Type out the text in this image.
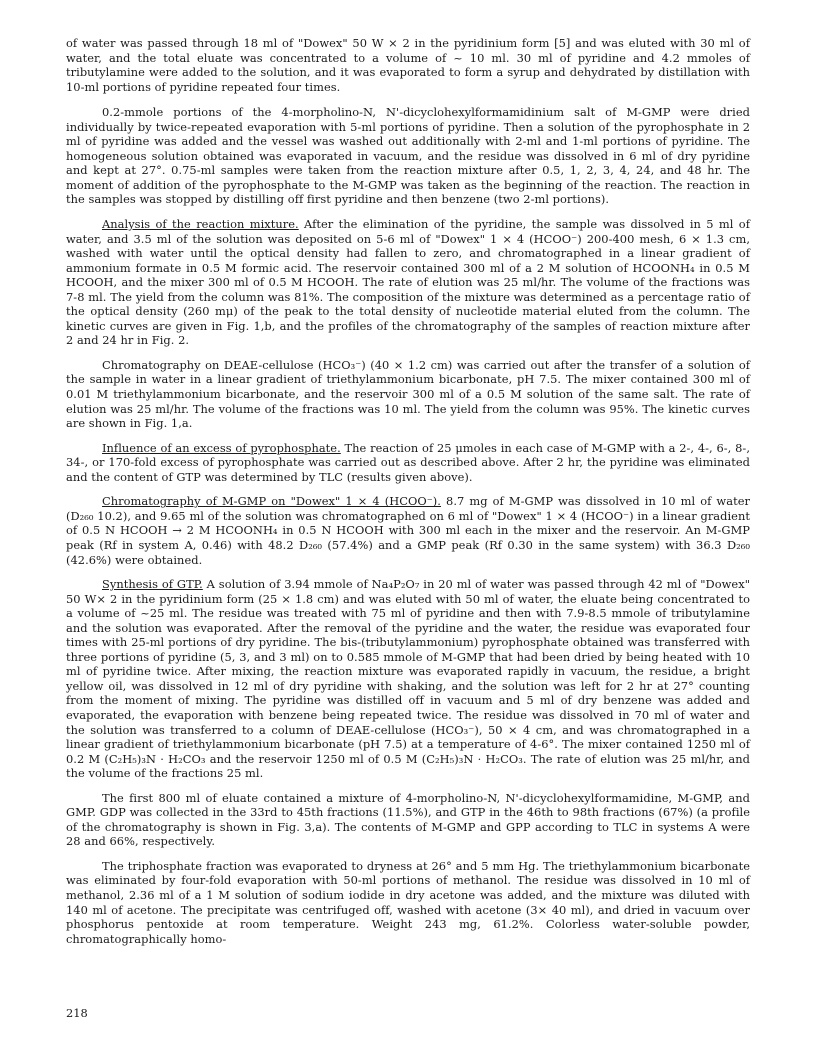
of water was passed through 18 ml of "Dowex" 50 W × 2 in the pyridinium form [5] and was eluted with 30 ml of water, and the total eluate was concentrated to a volume of ~ 10 ml. 30 ml of pyridine and 4.2 mmoles of tributylamine were added to the solution, and it was evaporated to form a syrup and dehydrated by distillation with 10-ml portions of pyridine repeated four times.

0.2-mmole portions of the 4-morpholino-N, N'-dicyclohexylformamidinium salt of M-GMP were dried individually by twice-repeated evaporation with 5-ml portions of pyridine. Then a solution of the pyrophosphate in 2 ml of pyridine was added and the vessel was washed out additionally with 2-ml and 1-ml portions of pyridine. The homogeneous solution obtained was evaporated in vacuum, and the residue was dissolved in 6 ml of dry pyridine and kept at 27°. 0.75-ml samples were taken from the reaction mixture after 0.5, 1, 2, 3, 4, 24, and 48 hr. The moment of addition of the pyrophosphate to the M-GMP was taken as the beginning of the reaction. The reaction in the samples was stopped by distilling off first pyridine and then benzene (two 2-ml portions).

Analysis of the reaction mixture. After the elimination of the pyridine, the sample was dissolved in 5 ml of water, and 3.5 ml of the solution was deposited on 5-6 ml of "Dowex" 1 × 4 (HCOO⁻) 200-400 mesh, 6 × 1.3 cm, washed with water until the optical density had fallen to zero, and chromatographed in a linear gradient of ammonium formate in 0.5 M formic acid. The reservoir contained 300 ml of a 2 M solution of HCOONH₄ in 0.5 M HCOOH, and the mixer 300 ml of 0.5 M HCOOH. The rate of elution was 25 ml/hr. The volume of the fractions was 7-8 ml. The yield from the column was 81%. The composition of the mixture was determined as a percentage ratio of the optical density (260 mμ) of the peak to the total density of nucleotide material eluted from the column. The kinetic curves are given in Fig. 1,b, and the profiles of the chromatography of the samples of reaction mixture after 2 and 24 hr in Fig. 2.

Chromatography on DEAE-cellulose (HCO₃⁻) (40 × 1.2 cm) was carried out after the transfer of a solution of the sample in water in a linear gradient of triethylammonium bicarbonate, pH 7.5. The mixer contained 300 ml of 0.01 M triethylammonium bicarbonate, and the reservoir 300 ml of a 0.5 M solution of the same salt. The rate of elution was 25 ml/hr. The volume of the fractions was 10 ml. The yield from the column was 95%. The kinetic curves are shown in Fig. 1,a.

Influence of an excess of pyrophosphate. The reaction of 25 μmoles in each case of M-GMP with a 2-, 4-, 6-, 8-, 34-, or 170-fold excess of pyrophosphate was carried out as described above. After 2 hr, the pyridine was eliminated and the content of GTP was determined by TLC (results given above).

Chromatography of M-GMP on "Dowex" 1 × 4 (HCOO⁻). 8.7 mg of M-GMP was dissolved in 10 ml of water (D₂₆₀ 10.2), and 9.65 ml of the solution was chromatographed on 6 ml of "Dowex" 1 × 4 (HCOO⁻) in a linear gradient of 0.5 N HCOOH → 2 M HCOONH₄ in 0.5 N HCOOH with 300 ml each in the mixer and the reservoir. An M-GMP peak (Rf in system A, 0.46) with 48.2 D₂₆₀ (57.4%) and a GMP peak (Rf 0.30 in the same system) with 36.3 D₂₆₀ (42.6%) were obtained.

Synthesis of GTP. A solution of 3.94 mmole of Na₄P₂O₇ in 20 ml of water was passed through 42 ml of "Dowex" 50 W× 2 in the pyridinium form (25 × 1.8 cm) and was eluted with 50 ml of water, the eluate being concentrated to a volume of ~25 ml. The residue was treated with 75 ml of pyridine and then with 7.9-8.5 mmole of tributylamine and the solution was evaporated. After the removal of the pyridine and the water, the residue was evaporated four times with 25-ml portions of dry pyridine. The bis-(tributylammonium) pyrophosphate obtained was transferred with three portions of pyridine (5, 3, and 3 ml) on to 0.585 mmole of M-GMP that had been dried by being heated with 10 ml of pyridine twice. After mixing, the reaction mixture was evaporated rapidly in vacuum, the residue, a bright yellow oil, was dissolved in 12 ml of dry pyridine with shaking, and the solution was left for 2 hr at 27° counting from the moment of mixing. The pyridine was distilled off in vacuum and 5 ml of dry benzene was added and evaporated, the evaporation with benzene being repeated twice. The residue was dissolved in 70 ml of water and the solution was transferred to a column of DEAE-cellulose (HCO₃⁻), 50 × 4 cm, and was chromatographed in a linear gradient of triethylammonium bicarbonate (pH 7.5) at a temperature of 4-6°. The mixer contained 1250 ml of 0.2 M (C₂H₅)₃N · H₂CO₃ and the reservoir 1250 ml of 0.5 M (C₂H₅)₃N · H₂CO₃. The rate of elution was 25 ml/hr, and the volume of the fractions 25 ml.

The first 800 ml of eluate contained a mixture of 4-morpholino-N, N'-dicyclohexylformamidine, M-GMP, and GMP. GDP was collected in the 33rd to 45th fractions (11.5%), and GTP in the 46th to 98th fractions (67%) (a profile of the chromatography is shown in Fig. 3,a). The contents of M-GMP and GPP according to TLC in systems A were 28 and 66%, respectively.

The triphosphate fraction was evaporated to dryness at 26° and 5 mm Hg. The triethylammonium bicarbonate was eliminated by four-fold evaporation with 50-ml portions of methanol. The residue was dissolved in 10 ml of methanol, 2.36 ml of a 1 M solution of sodium iodide in dry acetone was added, and the mixture was diluted with 140 ml of acetone. The precipitate was centrifuged off, washed with acetone (3× 40 ml), and dried in vacuum over phosphorus pentoxide at room temperature. Weight 243 mg, 61.2%. Colorless water-soluble powder, chromatographically homo-

218
